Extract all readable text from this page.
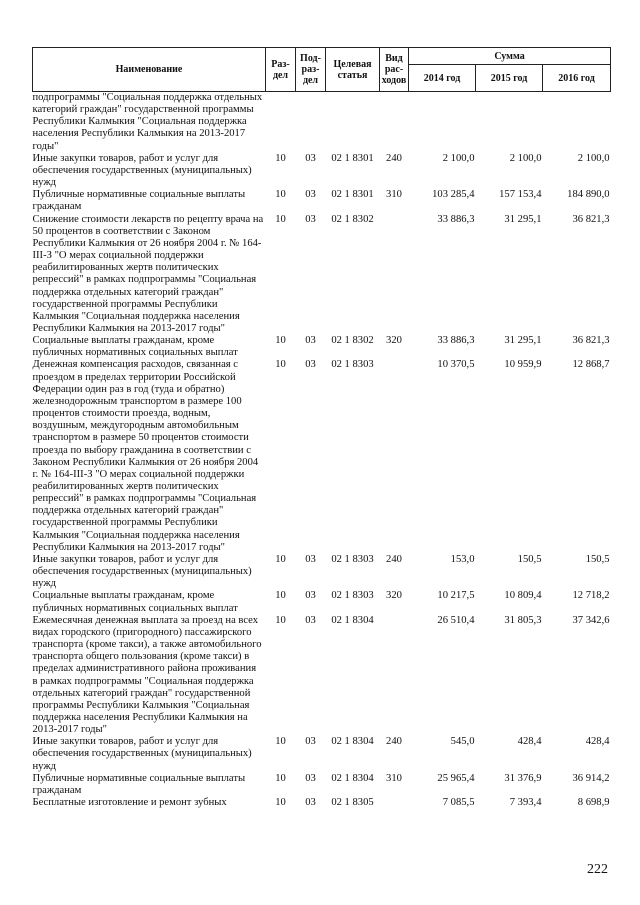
Наименование	Раз-дел	Под-раз-дел	Целевая статья	Вид рас-ходов	Сумма		
					2014 год	2015 год	2016 год
подпрограммы "Социальная поддержка отдельных категорий граждан" государственной программы Республики Калмыкия "Социальная поддержка населения Республики Калмыкия на 2013-2017 годы"							
Иные закупки товаров, работ и услуг для обеспечения государственных (муниципальных) нужд	10	03	02 1 8301	240	2 100,0	2 100,0	2 100,0
Публичные нормативные социальные выплаты гражданам	10	03	02 1 8301	310	103 285,4	157 153,4	184 890,0
Снижение стоимости лекарств по рецепту врача на 50 процентов в соответствии с Законом Республики Калмыкия от 26 ноября 2004 г. № 164-III-З "О мерах социальной поддержки реабилитированных жертв политических репрессий" в рамках подпрограммы "Социальная поддержка отдельных категорий граждан" государственной программы Республики Калмыкия "Социальная поддержка населения Республики Калмыкия на 2013-2017 годы"	10	03	02 1 8302		33 886,3	31 295,1	36 821,3
Социальные выплаты гражданам, кроме публичных нормативных социальных выплат	10	03	02 1 8302	320	33 886,3	31 295,1	36 821,3
Денежная компенсация расходов, связанная с проездом в пределах территории Российской Федерации один раз в год (туда и обратно) железнодорожным транспортом в размере 100 процентов стоимости проезда, водным, воздушным, междугородным автомобильным транспортом в размере 50 процентов стоимости проезда по выбору гражданина в соответствии с Законом Республики Калмыкия от 26 ноября 2004 г. № 164-III-З "О мерах социальной поддержки реабилитированных жертв политических репрессий" в рамках подпрограммы "Социальная поддержка отдельных категорий граждан" государственной программы Республики Калмыкия "Социальная поддержка населения Республики Калмыкия на 2013-2017 годы"	10	03	02 1 8303		10 370,5	10 959,9	12 868,7
Иные закупки товаров, работ и услуг для обеспечения государственных (муниципальных) нужд	10	03	02 1 8303	240	153,0	150,5	150,5
Социальные выплаты гражданам, кроме публичных нормативных социальных выплат	10	03	02 1 8303	320	10 217,5	10 809,4	12 718,2
Ежемесячная денежная выплата за проезд на всех видах городского (пригородного) пассажирского транспорта (кроме такси), а также автомобильного транспорта общего пользования (кроме такси) в пределах административного района проживания в рамках подпрограммы "Социальная поддержка отдельных категорий граждан" государственной программы Республики Калмыкия "Социальная поддержка населения Республики Калмыкия на 2013-2017 годы"	10	03	02 1 8304		26 510,4	31 805,3	37 342,6
Иные закупки товаров, работ и услуг для обеспечения государственных (муниципальных) нужд	10	03	02 1 8304	240	545,0	428,4	428,4
Публичные нормативные социальные выплаты гражданам	10	03	02 1 8304	310	25 965,4	31 376,9	36 914,2
Бесплатные изготовление и ремонт зубных	10	03	02 1 8305		7 085,5	7 393,4	8 698,9
222
